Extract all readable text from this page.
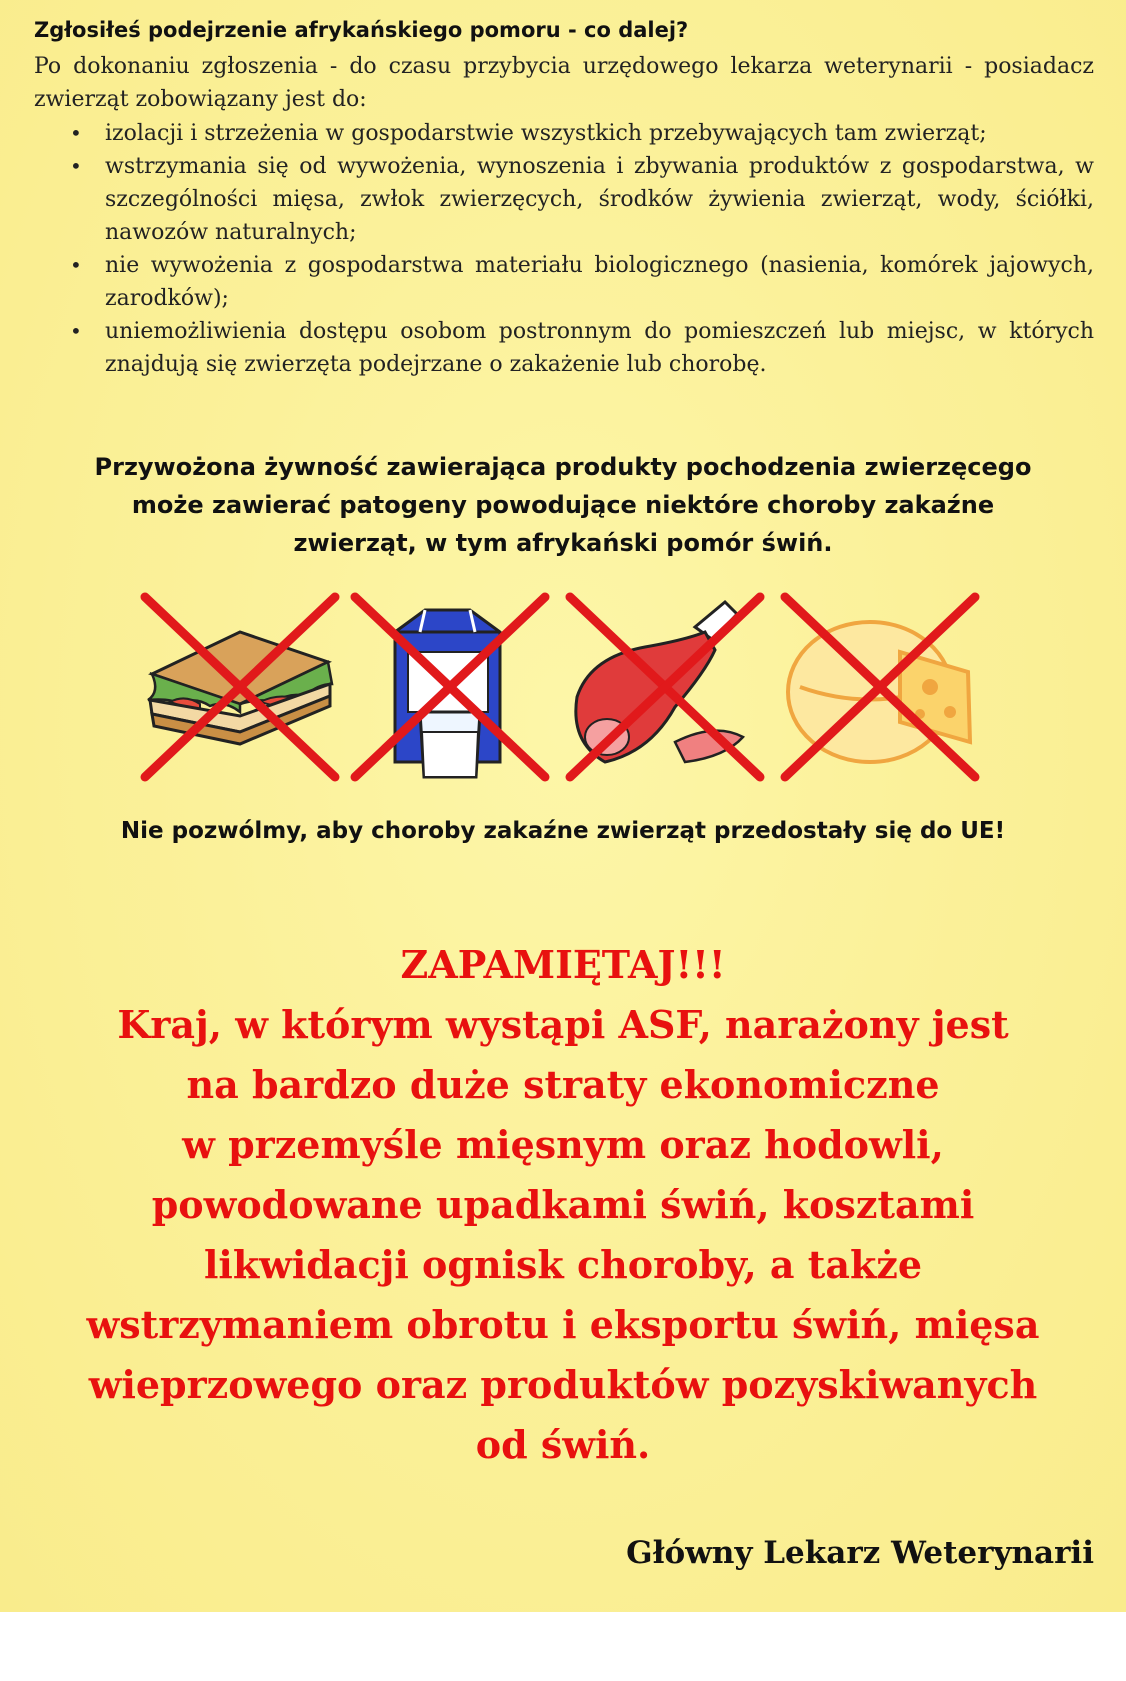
Zgłosiłeś podejrzenie afrykańskiego pomoru - co dalej?

Po dokonaniu zgłoszenia - do czasu przybycia urzędowego lekarza weterynarii - posiadacz zwierząt zobowiązany jest do:

• izolacji i strzeżenia w gospodarstwie wszystkich przebywających tam zwierząt;
• wstrzymania się od wywożenia, wynoszenia i zbywania produktów z gospodarstwa, w szczególności mięsa, zwłok zwierzęcych, środków żywienia zwierząt, wody, ściółki, nawozów naturalnych;
• nie wywożenia z gospodarstwa materiału biologicznego (nasienia, komórek jajowych, zarodków);
• uniemożliwienia dostępu osobom postronnym do pomieszczeń lub miejsc, w których znajdują się zwierzęta podejrzane o zakażenie lub chorobę.
Przywożona żywność zawierająca produkty pochodzenia zwierzęcego
może zawierać patogeny powodujące niektóre choroby zakaźne
zwierząt, w tym afrykański pomór świń.
Nie pozwólmy, aby choroby zakaźne zwierząt przedostały się do UE!
ZAPAMIĘTAJ!!!
Kraj, w którym wystąpi ASF, narażony jest
na bardzo duże straty ekonomiczne
w przemyśle mięsnym oraz hodowli,
powodowane upadkami świń, kosztami
likwidacji ognisk choroby, a także
wstrzymaniem obrotu i eksportu świń, mięsa
wieprzowego oraz produktów pozyskiwanych
od świń.
Główny Lekarz Weterynarii
